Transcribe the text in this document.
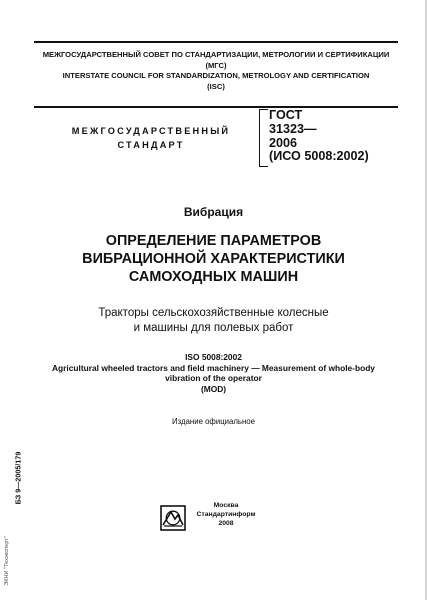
МЕЖГОСУДАРСТВЕННЫЙ СОВЕТ ПО СТАНДАРТИЗАЦИИ, МЕТРОЛОГИИ И СЕРТИФИКАЦИИ
(МГС)
INTERSTATE COUNCIL FOR STANDARDIZATION, METROLOGY AND CERTIFICATION
(ISC)
МЕЖГОСУДАРСТВЕННЫЙ
СТАНДАРТ
ГОСТ
31323—
2006
(ИСО 5008:2002)
Вибрация
ОПРЕДЕЛЕНИЕ ПАРАМЕТРОВ
ВИБРАЦИОННОЙ ХАРАКТЕРИСТИКИ
САМОХОДНЫХ МАШИН
Тракторы сельскохозяйственные колесные
и машины для полевых работ
ISO 5008:2002
Agricultural wheeled tractors and field machinery — Measurement of whole-body
vibration of the operator
(MOD)
Издание официальное
БЗ 9—2005/179
ЭКНИ "Техэксперт"
Москва
Стандартинформ
2008
